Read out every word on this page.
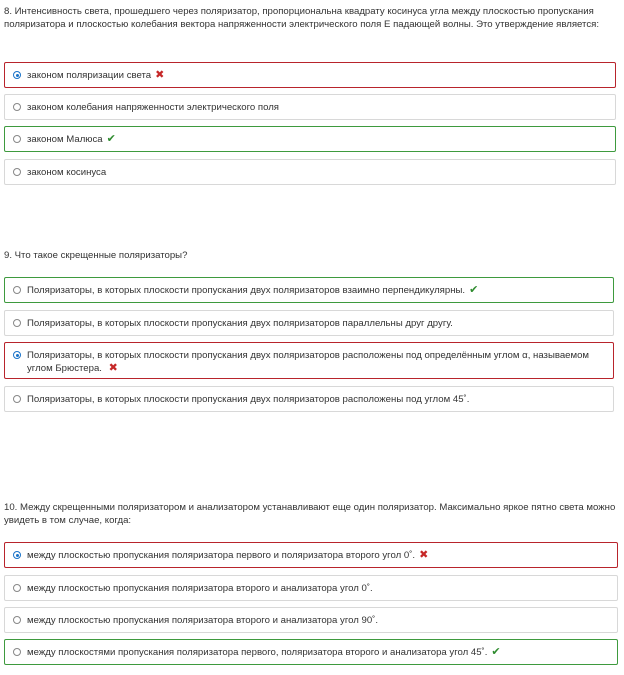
8. Интенсивность света, прошедшего через поляризатор, пропорциональна квадрату косинуса угла между плоскостью пропускания поляризатора и плоскостью колебания вектора напряженности электрического поля E падающей волны. Это утверждение является:
законом поляризации света ✖
законом колебания напряженности электрического поля
законом Малюса ✔
законом косинуса
9. Что такое скрещенные поляризаторы?
Поляризаторы, в которых плоскости пропускания двух поляризаторов взаимно перпендикулярны. ✔
Поляризаторы, в которых плоскости пропускания двух поляризаторов параллельны друг другу.
Поляризаторы, в которых плоскости пропускания двух поляризаторов расположены под определённым углом α, называемом углом Брюстера. ✖
Поляризаторы, в которых плоскости пропускания двух поляризаторов расположены под углом 45˚.
10. Между скрещенными поляризатором и анализатором устанавливают еще один поляризатор. Максимально яркое пятно света можно увидеть в том случае, когда:
между плоскостью пропускания поляризатора первого и поляризатора второго угол 0˚. ✖
между плоскостью пропускания поляризатора второго и анализатора угол 0˚.
между плоскостью пропускания поляризатора второго и анализатора угол 90˚.
между плоскостями пропускания поляризатора первого, поляризатора второго и анализатора угол 45˚. ✔
